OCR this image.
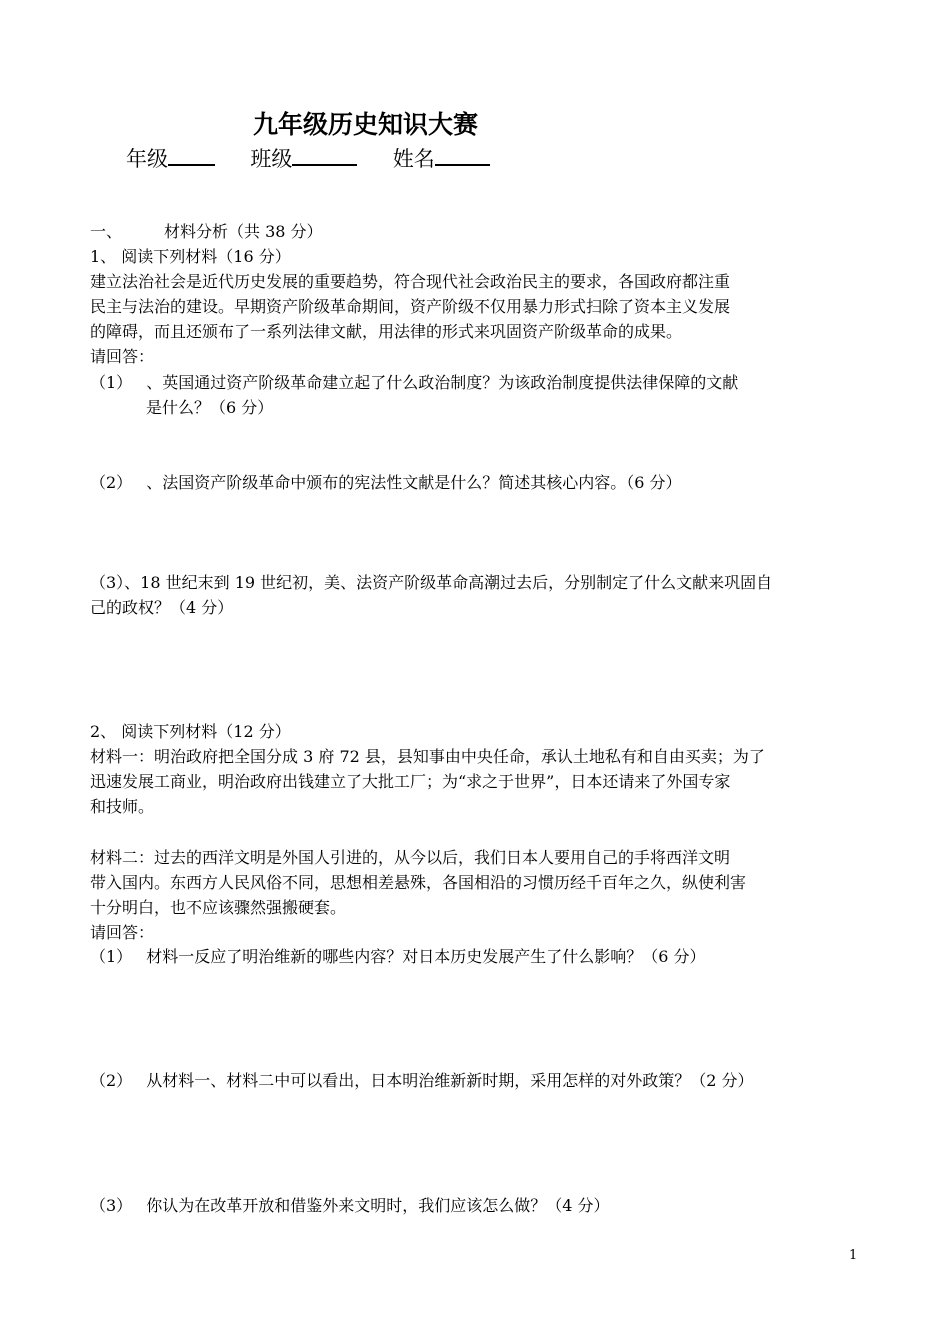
九年级历史知识大赛
年级	班级	姓名
一、	材料分析（共 38 分）
1、 阅读下列材料（16 分）
建立法治社会是近代历史发展的重要趋势，符合现代社会政治民主的要求，各国政府都注重
民主与法治的建设。早期资产阶级革命期间，资产阶级不仅用暴力形式扫除了资本主义发展
的障碍，而且还颁布了一系列法律文献，用法律的形式来巩固资产阶级革命的成果。
请回答：
（1） 、英国通过资产阶级革命建立起了什么政治制度？为该政治制度提供法律保障的文献
是什么？（6 分）
（2） 、法国资产阶级革命中颁布的宪法性文献是什么？简述其核心内容。（6 分）
（3）、18 世纪末到 19 世纪初，美、法资产阶级革命高潮过去后，分别制定了什么文献来巩固自
己的政权？（4 分）
2、 阅读下列材料（12 分）
材料一：明治政府把全国分成 3 府 72 县，县知事由中央任命，承认土地私有和自由买卖；为了
迅速发展工商业，明治政府出钱建立了大批工厂；为“求之于世界”，日本还请来了外国专家
和技师。
材料二：过去的西洋文明是外国人引进的，从今以后，我们日本人要用自己的手将西洋文明
带入国内。东西方人民风俗不同，思想相差悬殊，各国相沿的习惯历经千百年之久，纵使利害
十分明白，也不应该骤然强搬硬套。
请回答：
（1） 材料一反应了明治维新的哪些内容？对日本历史发展产生了什么影响？（6 分）
（2） 从材料一、材料二中可以看出，日本明治维新新时期，采用怎样的对外政策？（2 分）
（3） 你认为在改革开放和借鉴外来文明时，我们应该怎么做？（4 分）
1
